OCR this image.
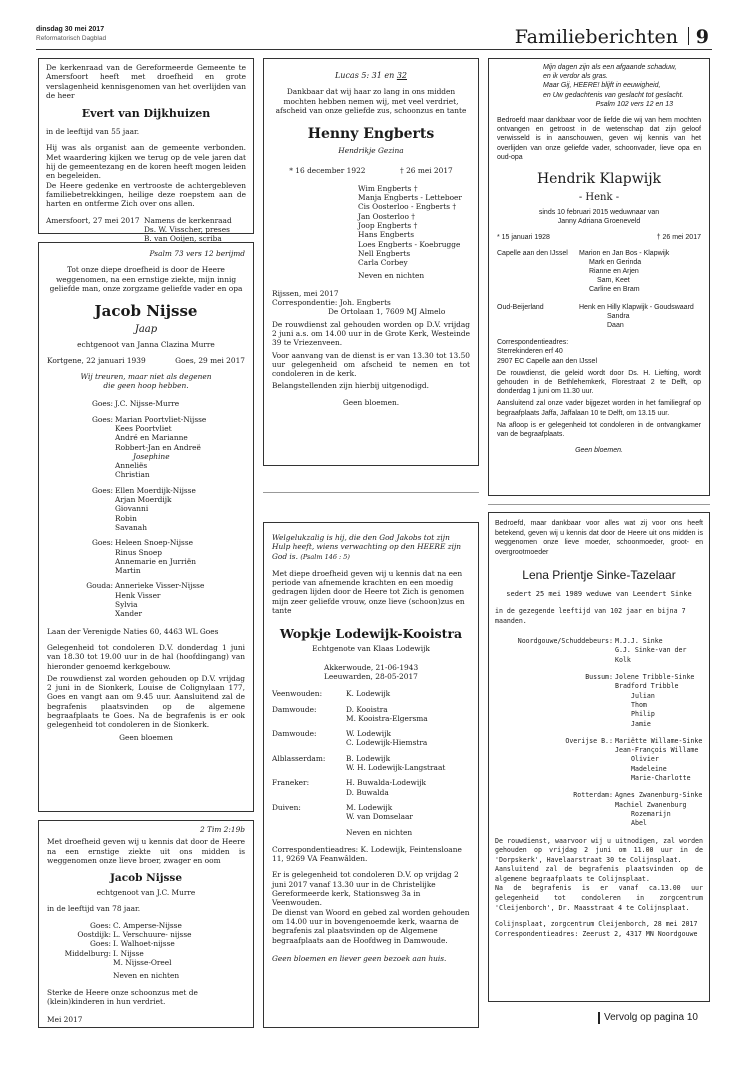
dinsdag 30 mei 2017
Reformatorisch Dagblad	Familieberichten 9

De kerkenraad van de Gereformeerde Gemeente te Amersfoort heeft met droefheid en grote verslagenheid kennisgenomen van het overlijden van de heer

Evert van Dijkhuizen

in de leeftijd van 55 jaar.

Hij was als organist aan de gemeente verbonden. Met waardering kijken we terug op de vele jaren dat hij de gemeentezang en de koren heeft mogen leiden en begeleiden.

De Heere gedenke en vertrooste de achtergebleven familiebetrekkingen, heilige deze roepstem aan de harten en ontferme Zich over ons allen.

Amersfoort, 27 mei 2017 Namens de kerkenraad
Ds. W. Visscher, preses
B. van Ooijen, scriba

Psalm 73 vers 12 berijmd

Tot onze diepe droefheid is door de Heere weggenomen, na een ernstige ziekte, mijn innig geliefde man, onze zorgzame geliefde vader en opa

Jacob Nijsse

Jaap

echtgenoot van Janna Clazina Murre

Kortgene, 22 januari 1939	Goes, 29 mei 2017

Wij treuren, maar niet als degenen die geen hoop hebben.

Goes: J.C. Nijsse-Murre
Goes: Marian Poortvliet-Nijsse
Kees Poortvliet
André en Marianne
Robbert-Jan en Andreë
Josephine
Anneliës
Christian
Goes: Ellen Moerdijk-Nijsse
Arjan Moerdijk
Giovanni
Robin
Savanah
Goes: Heleen Snoep-Nijsse
Rinus Snoep
Annemarie en Jurriën
Martin
Gouda: Anneriekе Visser-Nijsse
Henk Visser
Sylvia
Xander

Laan der Verenigde Naties 60, 4463 WL Goes

Gelegenheid tot condoleren D.V. donderdag 1 juni van 18.30 tot 19.00 uur in de hal (hoofdingang) van hieronder genoemd kerkgebouw.

De rouwdienst zal worden gehouden op D.V. vrijdag 2 juni in de Sionkerk, Louise de Colignylaan 177, Goes en vangt aan om 9.45 uur. Aansluitend zal de begrafenis plaatsvinden op de algemene begraafplaats te Goes. Na de begrafenis is er ook gelegenheid tot condoleren in de Sionkerk.

Geen bloemen

2 Tim 2:19b

Met droefheid geven wij u kennis dat door de Heere na een ernstige ziekte uit ons midden is weggenomen onze lieve broer, zwager en oom

Jacob Nijsse

echtgenoot van J.C. Murre

in de leeftijd van 78 jaar.

Goes: C. Amperse-Nijsse
Oostdijk: L. Verschuure- nijsse
Goes: I. Walhoet-nijsse
Middelburg: I. Nijsse
M. Nijsse-Oreel

Neven en nichten

Sterke de Heere onze schoonzus met de (klein)kinderen in hun verdriet.

Mei 2017

Lucas 5: 31 en 32

Dankbaar dat wij haar zo lang in ons midden mochten hebben nemen wij, met veel verdriet, afscheid van onze geliefde zus, schoonzus en tante

Henny Engberts

Hendrikje Gezina

* 16 december 1922	† 26 mei 2017
Wim Engberts †
Manja Engberts - Letteboer
Cis Oosterloo - Engberts †
Jan Oosterloo †
Joop Engberts †
Hans Engberts
Loes Engberts - Koebrugge
Nell Engberts
Carla Corbey
Neven en nichten

Rijssen, mei 2017

Correspondentie: Joh. Engberts

De Ortolaan 1, 7609 MJ Almelo

De rouwdienst zal gehouden worden op D.V. vrijdag 2 juni a.s. om 14.00 uur in de Grote Kerk, Westeinde 39 te Vriezenveen.

Voor aanvang van de dienst is er van 13.30 tot 13.50 uur gelegenheid om afscheid te nemen en tot condoleren in de kerk.

Belangstellenden zijn hierbij uitgenodigd.

Geen bloemen.

Welgelukzalig is hij, die den God Jakobs tot zijn Hulp heeft, wiens verwachting op den HEERE zijn God is. (Psalm 146 : 5)

Met diepe droefheid geven wij u kennis dat na een periode van afnemende krachten en een moedig gedragen lijden door de Heere tot Zich is genomen mijn zeer geliefde vrouw, onze lieve (schoon)zus en tante

Wopkje Lodewijk-Kooistra

Echtgenote van Klaas Lodewijk

Akkerwoude, 21-06-1943
Leeuwarden, 28-05-2017
Veenwouden:	K. Lodewijk
Damwoude:	D. Kooistra
M. Kooistra-Elgersma
Damwoude:	W. Lodewijk
C. Lodewijk-Hiemstra
Alblasserdam:	B. Lodewijk
W. H. Lodewijk-Langstraat
Franeker:	H. Buwalda-Lodewijk
D. Buwalda
Duiven:	M. Lodewijk
W. van Domselaar
Neven en nichten

Correspondentieadres: K. Lodewijk, Feintensloane 11, 9269 VA Feanwâlden.

Er is gelegenheid tot condoleren D.V. op vrijdag 2 juni 2017 vanaf 13.30 uur in de Christelijke Gereformeerde kerk, Stationsweg 3a in Veenwouden.

De dienst van Woord en gebed zal worden gehouden om 14.00 uur in bovengenoemde kerk, waarna de begrafenis zal plaatsvinden op de Algemene begraafplaats aan de Hoofdweg in Damwoude.

Geen bloemen en liever geen bezoek aan huis.

Mijn dagen zijn als een afgaande schaduw,
en ik verdor als gras.
Maar Gij, HEERE! blijft in eeuwigheid,
en Uw gedachtenis van geslacht tot geslacht.

Psalm 102 vers 12 en 13

Bedroefd maar dankbaar voor de liefde die wij van hem mochten ontvangen en getroost in de wetenschap dat zijn geloof verwisseld is in aanschouwen, geven wij kennis van het overlijden van onze geliefde vader, schoonvader, lieve opa en oud-opa

Hendrik Klapwijk

- Henk -

sinds 10 februari 2015 weduwnaar van

Janny Adriana Groeneveld

* 15 januari 1928	† 26 mei 2017
Capelle aan den IJssel	Marion en Jan Bos - Klapwijk
Mark en Gerinda
Rianne en Arjen
Sam, Keet
Carline en Bram
Oud-Beijerland	Henk en Hilly Klapwijk - Goudswaard
Sandra
Daan
Correspondentieadres:
Sterrekinderen erf 40

2907 EC Capelle aan den IJssel

De rouwdienst, die geleid wordt door Ds. H. Liefting, wordt gehouden in de Bethlehemkerk, Florestraat 2 te Delft, op donderdag 1 juni om 11.30 uur.

Aansluitend zal onze vader bijgezet worden in het familiegraf op begraafplaats Jaffa, Jaffalaan 10 te Delft, om 13.15 uur.

Na afloop is er gelegenheid tot condoleren in de ontvangkamer van de begraafplaats.

Geen bloemen.

Bedroefd, maar dankbaar voor alles wat zij voor ons heeft betekend, geven wij u kennis dat door de Heere uit ons midden is weggenomen onze lieve moeder, schoonmoeder, groot- en overgrootmoeder

Lena Prientje Sinke-Tazelaar

sedert 25 mei 1989 weduwe van Leendert Sinke

in de gezegende leeftijd van 102 jaar en bijna 7 maanden.

Noordgouwe/Schuddebeurs: M.J.J. Sinke
G.J. Sinke-van der Kolk
Bussum: Jolene Tribble-Sinke
Bradford Tribble
Julian
Thom
Philip
Jamie
Overijse B.: Mariëtte Willame-Sinke
Jean-François Willame
Olivier
Madeleine
Marie-Charlotte
Rotterdam: Agnes Zwanenburg-Sinke
Machiel Zwanenburg
Rozemarijn
Abel

De rouwdienst, waarvoor wij u uitnodigen, zal worden gehouden op vrijdag 2 juni om 11.00 uur in de 'Dorpskerk', Havelaarstraat 30 te Colijnsplaat.

Aansluitend zal de begrafenis plaatsvinden op de algemene begraafplaats te Colijnsplaat.

Na de begrafenis is er vanaf ca.13.00 uur gelegenheid tot condoleren in zorgcentrum 'Cleijenborch', Dr. Maasstraat 4 te Colijnsplaat.

Colijnsplaat, zorgcentrum Cleijenborch, 28 mei 2017
Correspondentieadres: Zeerust 2, 4317 MN Noordgouwe
Vervolg op pagina 10
